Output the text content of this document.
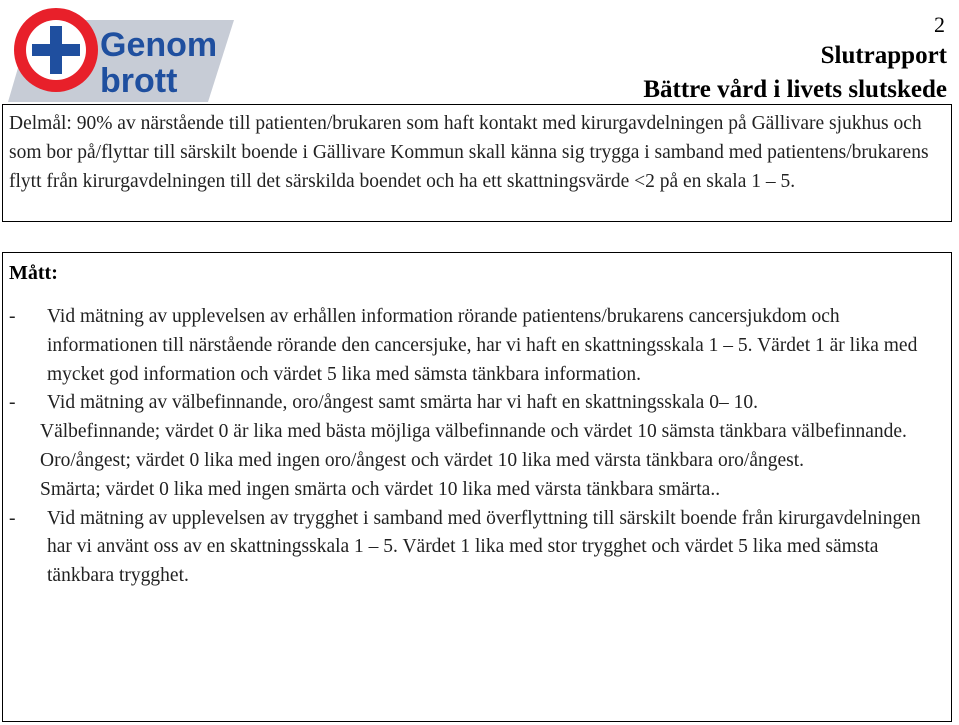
Genom
brott
2
Slutrapport
Bättre vård i livets slutskede

Delmål: 90% av närstående till patienten/brukaren som haft kontakt med kirurgavdelningen på Gällivare sjukhus och som bor på/flyttar till särskilt boende i Gällivare Kommun skall känna sig trygga i samband med patientens/brukarens flytt från kirurgavdelningen till det särskilda boendet och ha ett skattningsvärde <2 på en skala 1 – 5.

Mått:

- Vid mätning av upplevelsen av erhållen information rörande patientens/brukarens cancersjukdom och informationen till närstående rörande den cancersjuke, har vi haft en skattningsskala 1 – 5. Värdet 1 är lika med mycket god information och värdet 5 lika med sämsta tänkbara information.
- Vid mätning av välbefinnande, oro/ångest samt smärta har vi haft en skattningsskala 0– 10.
Välbefinnande; värdet 0 är lika med bästa möjliga välbefinnande och värdet 10 sämsta tänkbara välbefinnande.
Oro/ångest; värdet 0 lika med ingen oro/ångest och värdet 10 lika med värsta tänkbara oro/ångest.
Smärta; värdet 0 lika med ingen smärta och värdet 10 lika med värsta tänkbara smärta..
- Vid mätning av upplevelsen av trygghet i samband med överflyttning till särskilt boende från kirurgavdelningen har vi använt oss av en skattningsskala 1 – 5. Värdet 1 lika med stor trygghet och värdet 5 lika med sämsta tänkbara trygghet.
